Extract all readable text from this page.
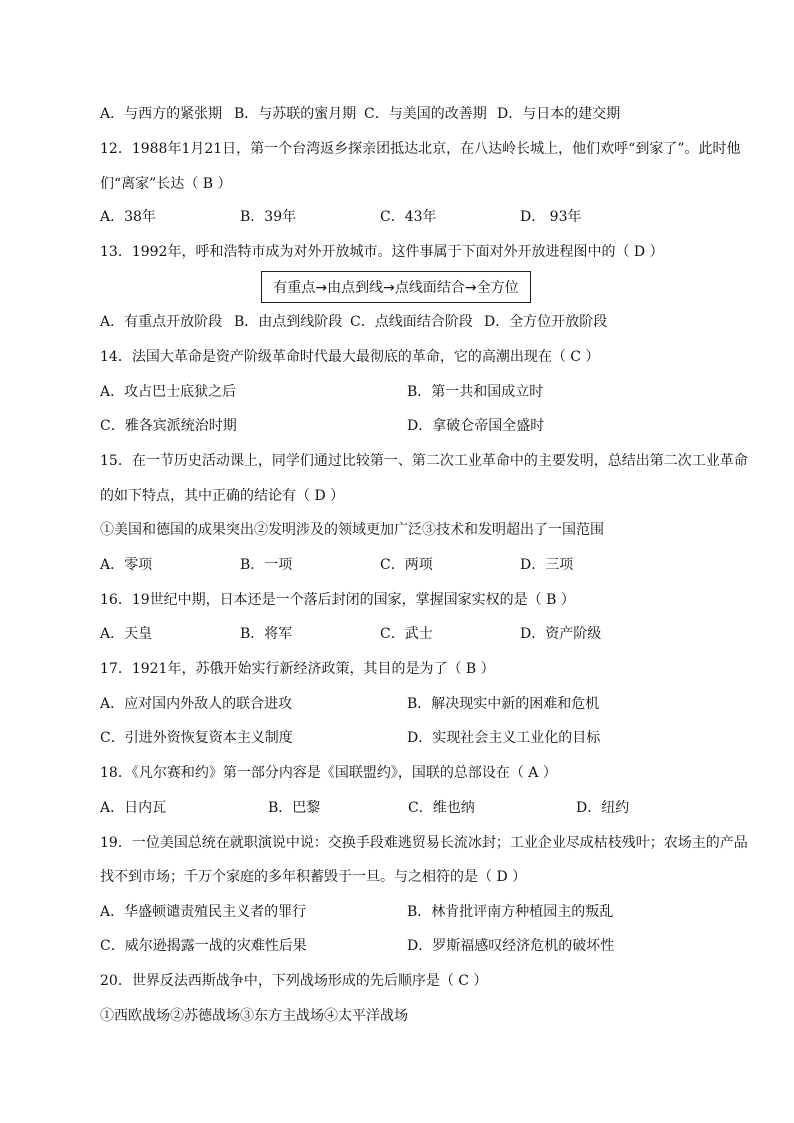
A．与西方的紧张期 B．与苏联的蜜月期 C．与美国的改善期 D．与日本的建交期
12．1988年1月21日，第一个台湾返乡探亲团抵达北京，在八达岭长城上，他们欢呼“到家了”。此时他
们“离家”长达（ B ）
A．38年	B．39年	C．43年	D． 93年
13．1992年，呼和浩特市成为对外开放城市。这件事属于下面对外开放进程图中的（ D ）
有重点→由点到线→点线面结合→全方位
A．有重点开放阶段 B．由点到线阶段 C．点线面结合阶段 D．全方位开放阶段
14．法国大革命是资产阶级革命时代最大最彻底的革命，它的高潮出现在（ C ）
A．攻占巴士底狱之后	B．第一共和国成立时
C．雅各宾派统治时期	D．拿破仑帝国全盛时
15．在一节历史活动课上，同学们通过比较第一、第二次工业革命中的主要发明，总结出第二次工业革命
的如下特点，其中正确的结论有（ D ）
①美国和德国的成果突出②发明涉及的领域更加广泛③技术和发明超出了一国范围
A．零项	B．一项	C．两项	D．三项
16．19世纪中期，日本还是一个落后封闭的国家，掌握国家实权的是（ B ）
A．天皇	B．将军	C．武士	D．资产阶级
17．1921年，苏俄开始实行新经济政策，其目的是为了（ B ）
A．应对国内外敌人的联合进攻	B．解决现实中新的困难和危机
C．引进外资恢复资本主义制度	D．实现社会主义工业化的目标
18．《凡尔赛和约》第一部分内容是《国联盟约》，国联的总部设在（ A ）
A．日内瓦	B．巴黎	C．维也纳	D．纽约
19．一位美国总统在就职演说中说：交换手段难逃贸易长流冰封；工业企业尽成枯枝残叶；农场主的产品
找不到市场；千万个家庭的多年积蓄毁于一旦。与之相符的是（ D ）
A．华盛顿谴责殖民主义者的罪行	B．林肯批评南方种植园主的叛乱
C．威尔逊揭露一战的灾难性后果	D．罗斯福感叹经济危机的破坏性
20．世界反法西斯战争中，下列战场形成的先后顺序是（ C ）
①西欧战场②苏德战场③东方主战场④太平洋战场
